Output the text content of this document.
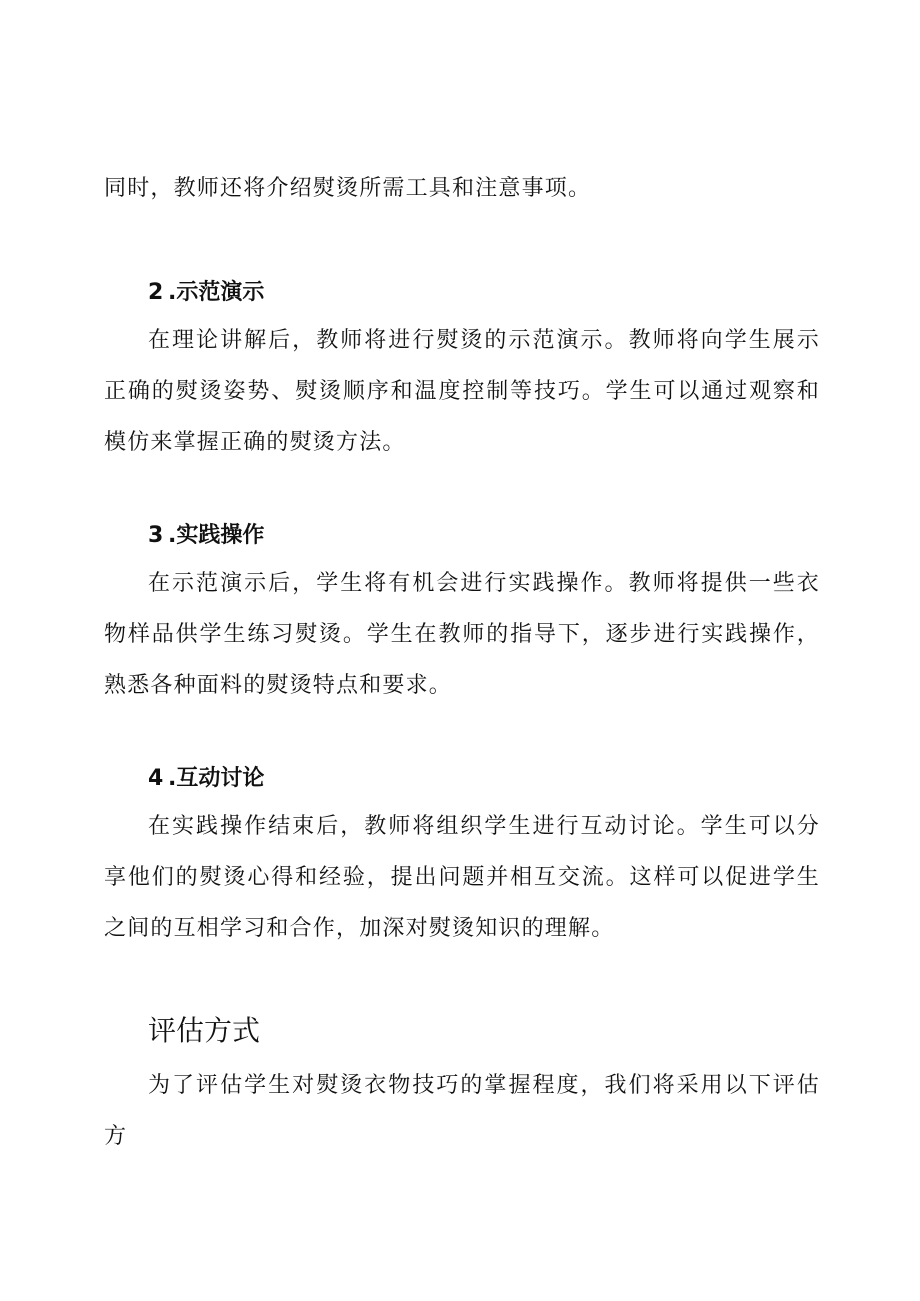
同时，教师还将介绍熨烫所需工具和注意事项。

2 .示范演示

在理论讲解后，教师将进行熨烫的示范演示。教师将向学生展示正确的熨烫姿势、熨烫顺序和温度控制等技巧。学生可以通过观察和模仿来掌握正确的熨烫方法。

3 .实践操作

在示范演示后，学生将有机会进行实践操作。教师将提供一些衣物样品供学生练习熨烫。学生在教师的指导下，逐步进行实践操作，熟悉各种面料的熨烫特点和要求。

4 .互动讨论

在实践操作结束后，教师将组织学生进行互动讨论。学生可以分享他们的熨烫心得和经验，提出问题并相互交流。这样可以促进学生之间的互相学习和合作，加深对熨烫知识的理解。

评估方式

为了评估学生对熨烫衣物技巧的掌握程度，我们将采用以下评估方
